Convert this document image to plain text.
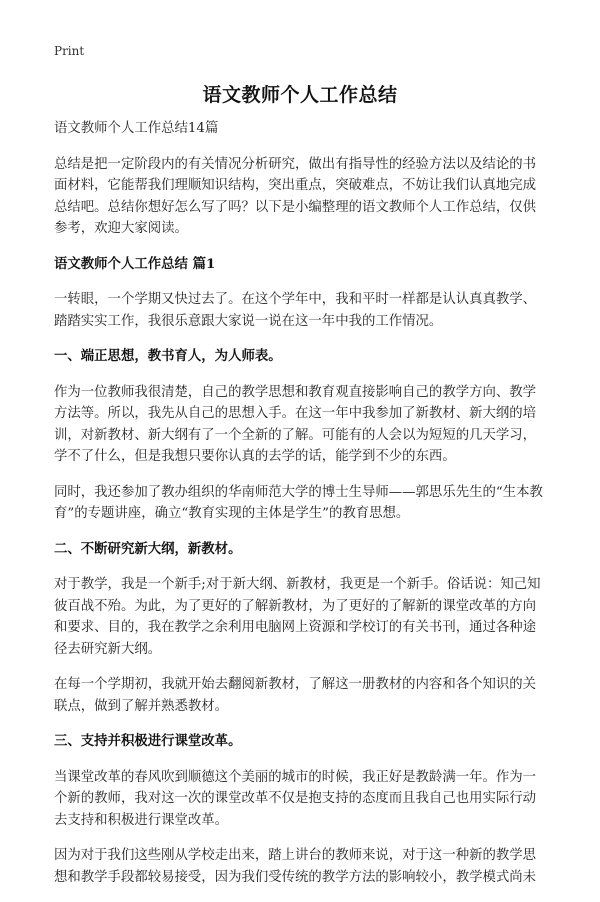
Print
语文教师个人工作总结

语文教师个人工作总结14篇

总结是把一定阶段内的有关情况分析研究，做出有指导性的经验方法以及结论的书面材料，它能帮我们理顺知识结构，突出重点，突破难点，不妨让我们认真地完成总结吧。总结你想好怎么写了吗？以下是小编整理的语文教师个人工作总结，仅供参考，欢迎大家阅读。

语文教师个人工作总结 篇1

一转眼，一个学期又快过去了。在这个学年中，我和平时一样都是认认真真教学、踏踏实实工作，我很乐意跟大家说一说在这一年中我的工作情况。

一、端正思想，教书育人，为人师表。

作为一位教师我很清楚，自己的教学思想和教育观直接影响自己的教学方向、教学方法等。所以，我先从自己的思想入手。在这一年中我参加了新教材、新大纲的培训，对新教材、新大纲有了一个全新的了解。可能有的人会以为短短的几天学习，学不了什么，但是我想只要你认真的去学的话，能学到不少的东西。

同时，我还参加了教办组织的华南师范大学的博士生导师——郭思乐先生的“生本教育”的专题讲座，确立“教育实现的主体是学生”的教育思想。

二、不断研究新大纲，新教材。

对于教学，我是一个新手;对于新大纲、新教材，我更是一个新手。俗话说：知己知彼百战不殆。为此，为了更好的了解新教材，为了更好的了解新的课堂改革的方向和要求、目的，我在教学之余利用电脑网上资源和学校订的有关书刊，通过各种途径去研究新大纲。

在每一个学期初，我就开始去翻阅新教材，了解这一册教材的内容和各个知识的关联点，做到了解并熟悉教材。

三、支持并积极进行课堂改革。

当课堂改革的春风吹到顺德这个美丽的城市的时候，我正好是教龄满一年。作为一个新的教师，我对这一次的课堂改革不仅是抱支持的态度而且我自己也用实际行动去支持和积极进行课堂改革。

因为对于我们这些刚从学校走出来，踏上讲台的教师来说，对于这一种新的教学思想和教学手段都较易接受，因为我们受传统的教学方法的影响较小，教学模式尚未
